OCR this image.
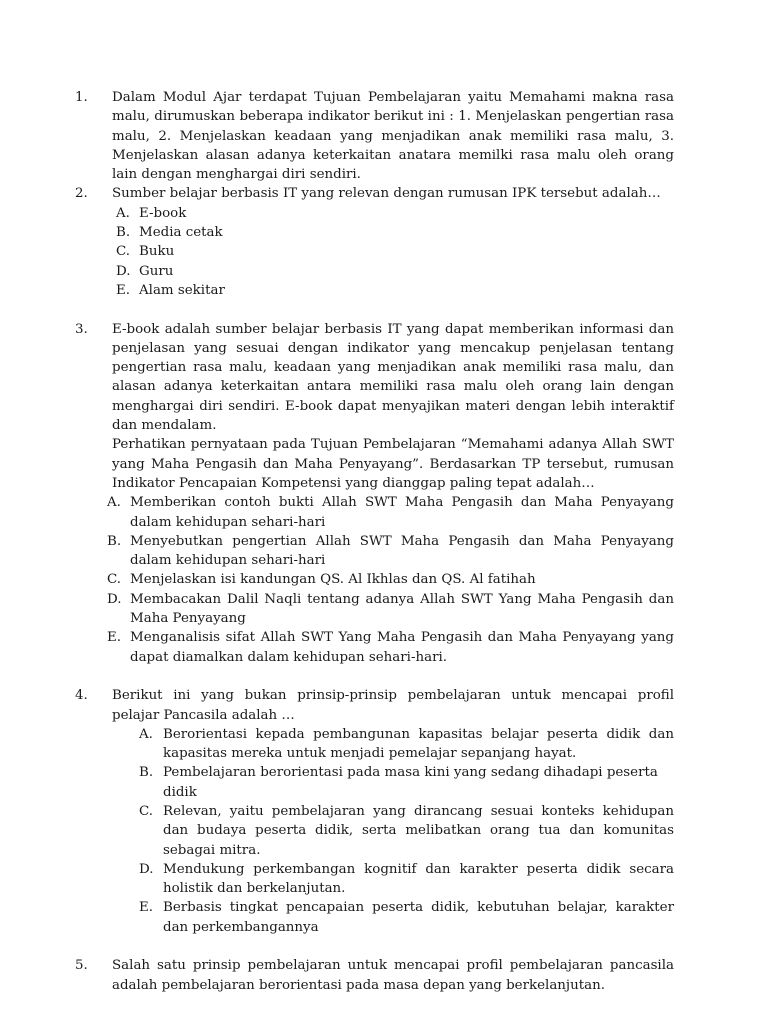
1. Dalam Modul Ajar terdapat Tujuan Pembelajaran yaitu Memahami makna rasa malu, dirumuskan beberapa indikator berikut ini : 1. Menjelaskan pengertian rasa malu, 2. Menjelaskan keadaan yang menjadikan anak memiliki rasa malu, 3. Menjelaskan alasan adanya keterkaitan anatara memilki rasa malu oleh orang lain dengan menghargai diri sendiri.
2. Sumber belajar berbasis IT yang relevan dengan rumusan IPK tersebut adalah…
A. E-book
B. Media cetak
C. Buku
D. Guru
E. Alam sekitar
3. E-book adalah sumber belajar berbasis IT yang dapat memberikan informasi dan penjelasan yang sesuai dengan indikator yang mencakup penjelasan tentang pengertian rasa malu, keadaan yang menjadikan anak memiliki rasa malu, dan alasan adanya keterkaitan antara memiliki rasa malu oleh orang lain dengan menghargai diri sendiri. E-book dapat menyajikan materi dengan lebih interaktif dan mendalam.
Perhatikan pernyataan pada Tujuan Pembelajaran “Memahami adanya Allah SWT yang Maha Pengasih dan Maha Penyayang”. Berdasarkan TP tersebut, rumusan Indikator Pencapaian Kompetensi yang dianggap paling tepat adalah…
A. Memberikan contoh bukti Allah SWT Maha Pengasih dan Maha Penyayang dalam kehidupan sehari-hari
B. Menyebutkan pengertian Allah SWT Maha Pengasih dan Maha Penyayang dalam kehidupan sehari-hari
C. Menjelaskan isi kandungan QS. Al Ikhlas dan QS. Al fatihah
D. Membacakan Dalil Naqli tentang adanya Allah SWT Yang Maha Pengasih dan Maha Penyayang
E. Menganalisis sifat Allah SWT Yang Maha Pengasih dan Maha Penyayang yang dapat diamalkan dalam kehidupan sehari-hari.
4. Berikut ini yang bukan prinsip-prinsip pembelajaran untuk mencapai profil pelajar Pancasila adalah …
A. Berorientasi kepada pembangunan kapasitas belajar peserta didik dan kapasitas mereka untuk menjadi pemelajar sepanjang hayat.
B. Pembelajaran berorientasi pada masa kini yang sedang dihadapi peserta didik
C. Relevan, yaitu pembelajaran yang dirancang sesuai konteks kehidupan dan budaya peserta didik, serta melibatkan orang tua dan komunitas sebagai mitra.
D. Mendukung perkembangan kognitif dan karakter peserta didik secara holistik dan berkelanjutan.
E. Berbasis tingkat pencapaian peserta didik, kebutuhan belajar, karakter dan perkembangannya
5. Salah satu prinsip pembelajaran untuk mencapai profil pembelajaran pancasila adalah pembelajaran berorientasi pada masa depan yang berkelanjutan.
